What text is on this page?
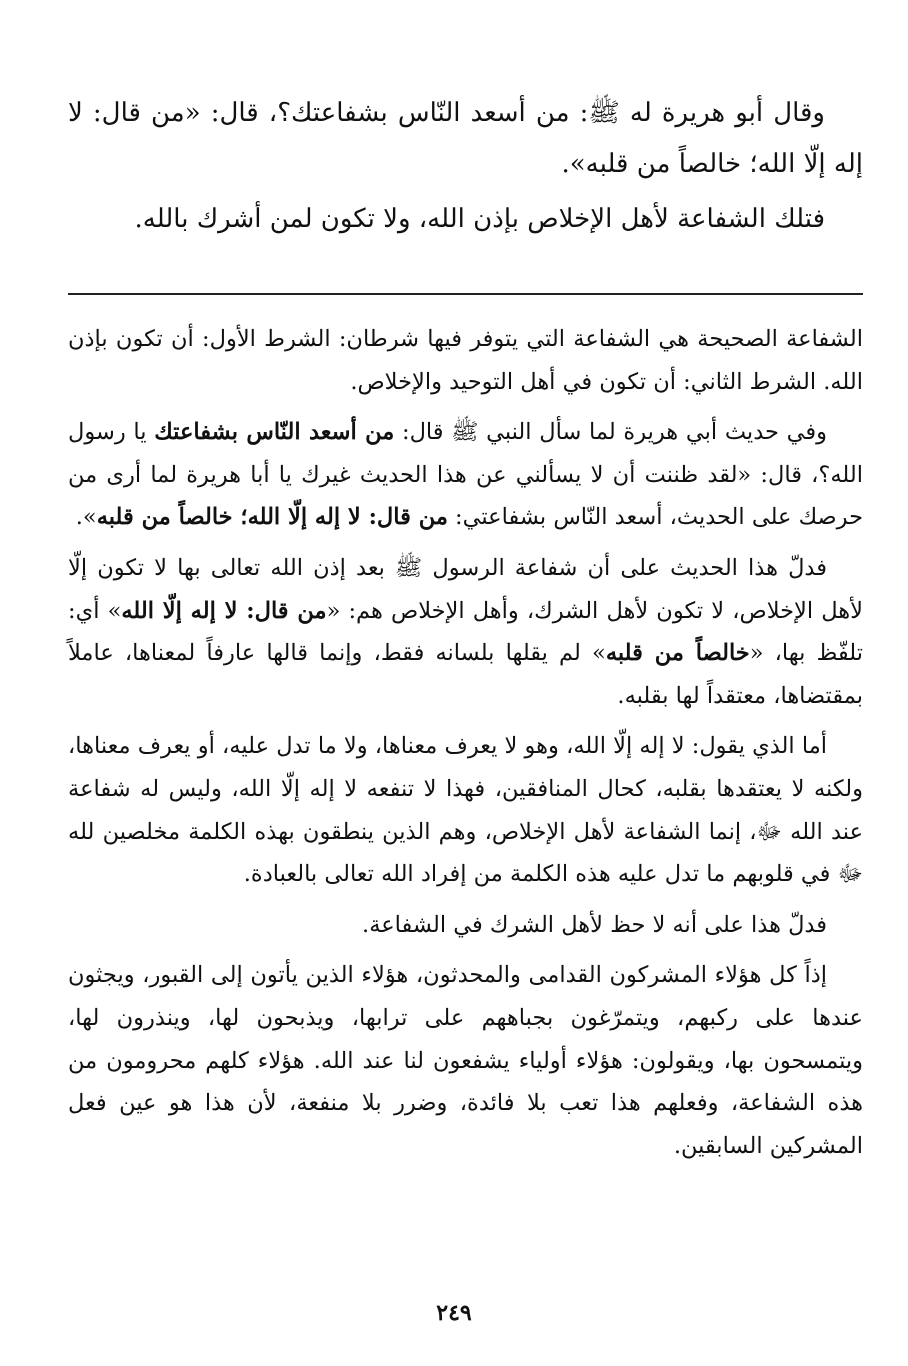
وقال أبو هريرة له ﷺ: من أسعد النّاس بشفاعتك؟، قال: «من قال: لا إله إلّا الله؛ خالصاً من قلبه».

فتلك الشفاعة لأهل الإخلاص بإذن الله، ولا تكون لمن أشرك بالله.

الشفاعة الصحيحة هي الشفاعة التي يتوفر فيها شرطان: الشرط الأول: أن تكون بإذن الله. الشرط الثاني: أن تكون في أهل التوحيد والإخلاص.

وفي حديث أبي هريرة لما سأل النبي ﷺ قال: من أسعد النّاس بشفاعتك يا رسول الله؟، قال: «لقد ظننت أن لا يسألني عن هذا الحديث غيرك يا أبا هريرة لما أرى من حرصك على الحديث، أسعد النّاس بشفاعتي: من قال: لا إله إلّا الله؛ خالصاً من قلبه».

فدلّ هذا الحديث على أن شفاعة الرسول ﷺ بعد إذن الله تعالى بها لا تكون إلّا لأهل الإخلاص، لا تكون لأهل الشرك، وأهل الإخلاص هم: «من قال: لا إله إلّا الله» أي: تلفّظ بها، «خالصاً من قلبه» لم يقلها بلسانه فقط، وإنما قالها عارفاً لمعناها، عاملاً بمقتضاها، معتقداً لها بقلبه.

أما الذي يقول: لا إله إلّا الله، وهو لا يعرف معناها، ولا ما تدل عليه، أو يعرف معناها، ولكنه لا يعتقدها بقلبه، كحال المنافقين، فهذا لا تنفعه لا إله إلّا الله، وليس له شفاعة عند الله ﷻ، إنما الشفاعة لأهل الإخلاص، وهم الذين ينطقون بهذه الكلمة مخلصين لله ﷻ في قلوبهم ما تدل عليه هذه الكلمة من إفراد الله تعالى بالعبادة.

فدلّ هذا على أنه لا حظ لأهل الشرك في الشفاعة.

إذاً كل هؤلاء المشركون القدامى والمحدثون، هؤلاء الذين يأتون إلى القبور، ويجثون عندها على ركبهم، ويتمرّغون بجباههم على ترابها، ويذبحون لها، وينذرون لها، ويتمسحون بها، ويقولون: هؤلاء أولياء يشفعون لنا عند الله. هؤلاء كلهم محرومون من هذه الشفاعة، وفعلهم هذا تعب بلا فائدة، وضرر بلا منفعة، لأن هذا هو عين فعل المشركين السابقين.

٢٤٩
